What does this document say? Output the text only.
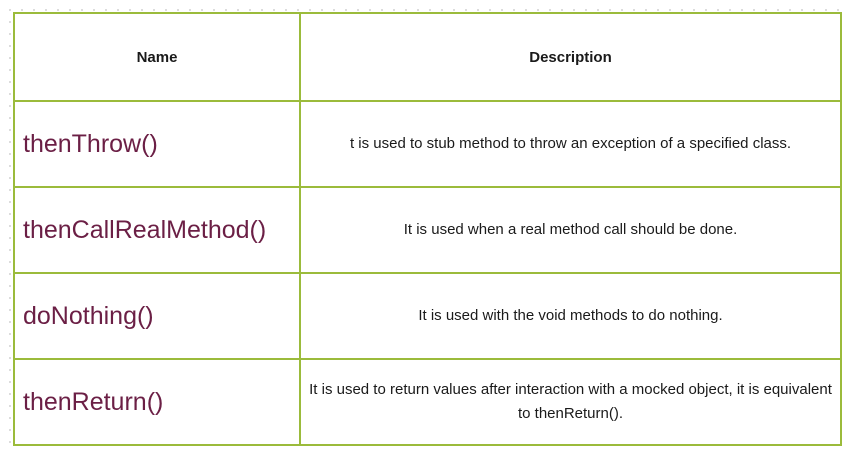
Name	Description
thenThrow()	t is used to stub method to throw an exception of a specified class.
thenCallRealMethod()	It is used when a real method call should be done.
doNothing()	It is used with the void methods to do nothing.
thenReturn()	It is used to return values after interaction with a mocked object, it is equivalent to thenReturn().
